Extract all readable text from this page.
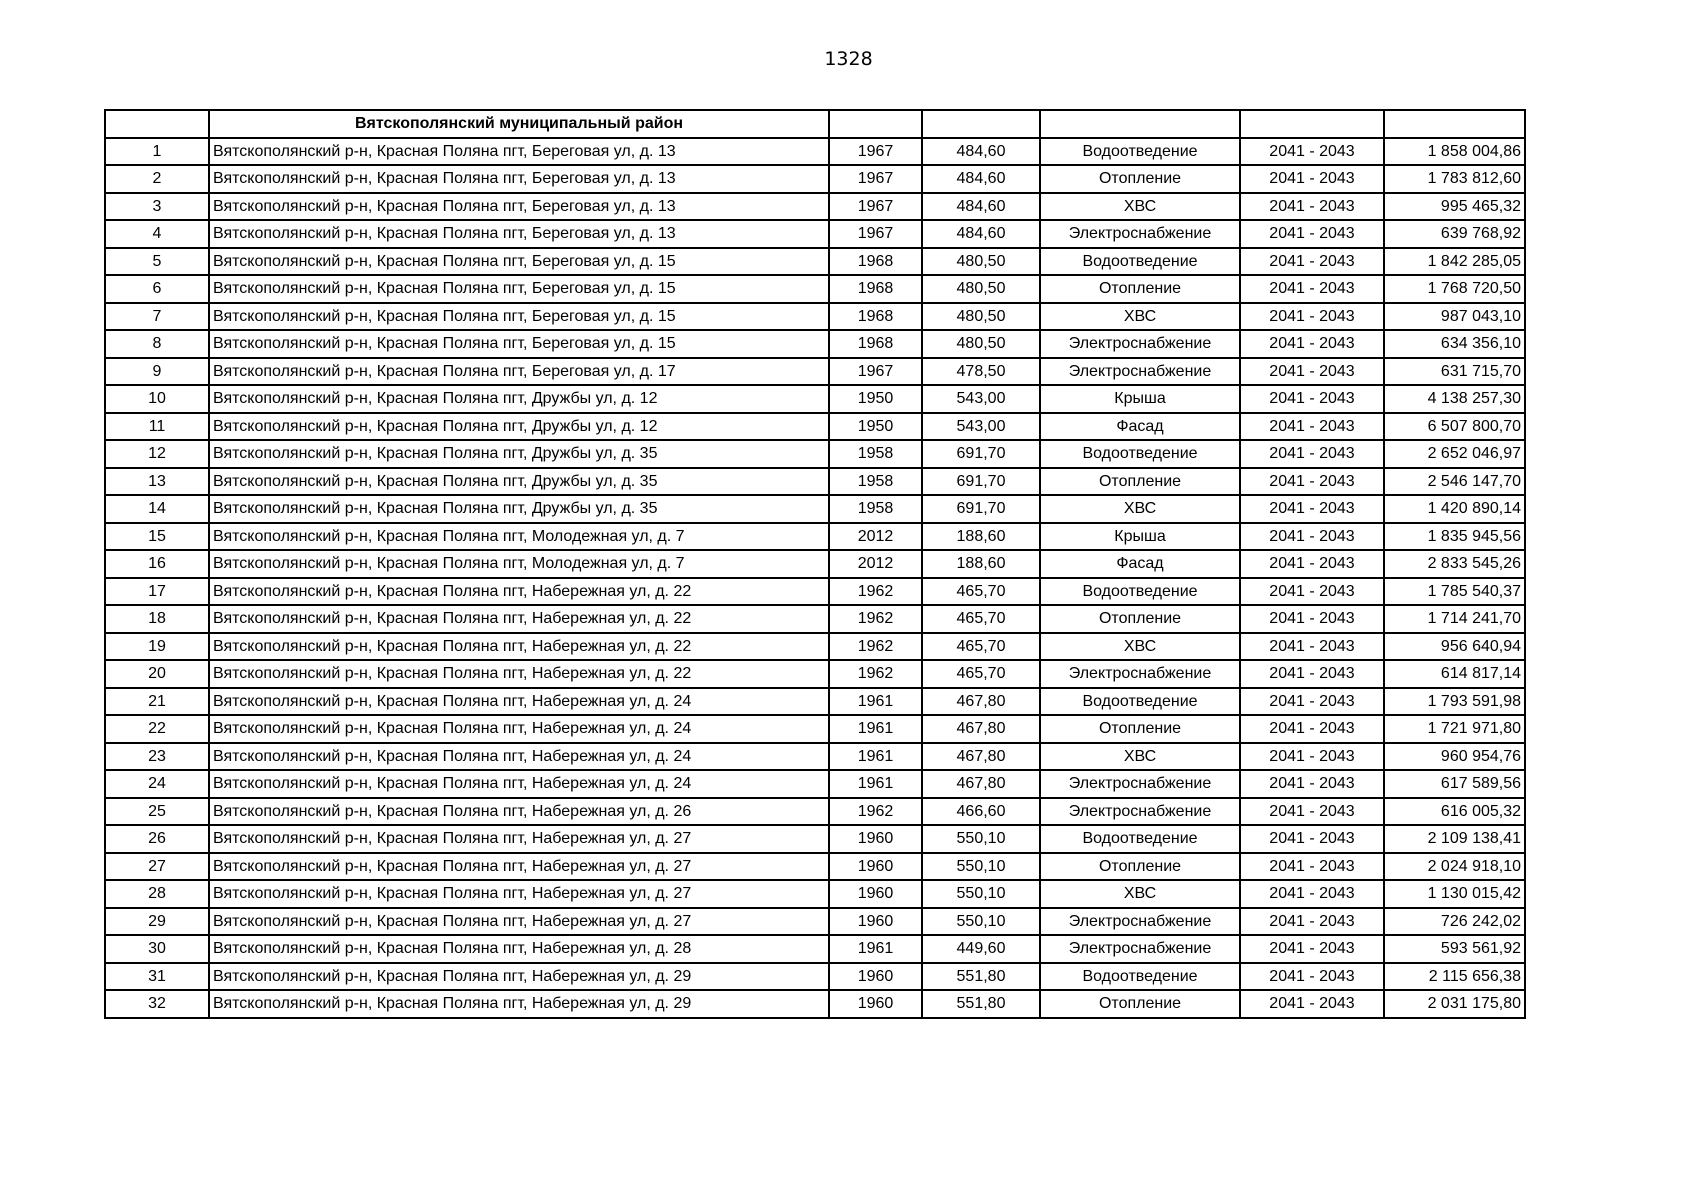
1328
	Вятскополянский муниципальный район					
1	Вятскополянский р-н, Красная Поляна пгт, Береговая ул, д. 13	1967	484,60	Водоотведение	2041 - 2043	1 858 004,86
2	Вятскополянский р-н, Красная Поляна пгт, Береговая ул, д. 13	1967	484,60	Отопление	2041 - 2043	1 783 812,60
3	Вятскополянский р-н, Красная Поляна пгт, Береговая ул, д. 13	1967	484,60	ХВС	2041 - 2043	995 465,32
4	Вятскополянский р-н, Красная Поляна пгт, Береговая ул, д. 13	1967	484,60	Электроснабжение	2041 - 2043	639 768,92
5	Вятскополянский р-н, Красная Поляна пгт, Береговая ул, д. 15	1968	480,50	Водоотведение	2041 - 2043	1 842 285,05
6	Вятскополянский р-н, Красная Поляна пгт, Береговая ул, д. 15	1968	480,50	Отопление	2041 - 2043	1 768 720,50
7	Вятскополянский р-н, Красная Поляна пгт, Береговая ул, д. 15	1968	480,50	ХВС	2041 - 2043	987 043,10
8	Вятскополянский р-н, Красная Поляна пгт, Береговая ул, д. 15	1968	480,50	Электроснабжение	2041 - 2043	634 356,10
9	Вятскополянский р-н, Красная Поляна пгт, Береговая ул, д. 17	1967	478,50	Электроснабжение	2041 - 2043	631 715,70
10	Вятскополянский р-н, Красная Поляна пгт, Дружбы ул, д. 12	1950	543,00	Крыша	2041 - 2043	4 138 257,30
11	Вятскополянский р-н, Красная Поляна пгт, Дружбы ул, д. 12	1950	543,00	Фасад	2041 - 2043	6 507 800,70
12	Вятскополянский р-н, Красная Поляна пгт, Дружбы ул, д. 35	1958	691,70	Водоотведение	2041 - 2043	2 652 046,97
13	Вятскополянский р-н, Красная Поляна пгт, Дружбы ул, д. 35	1958	691,70	Отопление	2041 - 2043	2 546 147,70
14	Вятскополянский р-н, Красная Поляна пгт, Дружбы ул, д. 35	1958	691,70	ХВС	2041 - 2043	1 420 890,14
15	Вятскополянский р-н, Красная Поляна пгт, Молодежная ул, д. 7	2012	188,60	Крыша	2041 - 2043	1 835 945,56
16	Вятскополянский р-н, Красная Поляна пгт, Молодежная ул, д. 7	2012	188,60	Фасад	2041 - 2043	2 833 545,26
17	Вятскополянский р-н, Красная Поляна пгт, Набережная ул, д. 22	1962	465,70	Водоотведение	2041 - 2043	1 785 540,37
18	Вятскополянский р-н, Красная Поляна пгт, Набережная ул, д. 22	1962	465,70	Отопление	2041 - 2043	1 714 241,70
19	Вятскополянский р-н, Красная Поляна пгт, Набережная ул, д. 22	1962	465,70	ХВС	2041 - 2043	956 640,94
20	Вятскополянский р-н, Красная Поляна пгт, Набережная ул, д. 22	1962	465,70	Электроснабжение	2041 - 2043	614 817,14
21	Вятскополянский р-н, Красная Поляна пгт, Набережная ул, д. 24	1961	467,80	Водоотведение	2041 - 2043	1 793 591,98
22	Вятскополянский р-н, Красная Поляна пгт, Набережная ул, д. 24	1961	467,80	Отопление	2041 - 2043	1 721 971,80
23	Вятскополянский р-н, Красная Поляна пгт, Набережная ул, д. 24	1961	467,80	ХВС	2041 - 2043	960 954,76
24	Вятскополянский р-н, Красная Поляна пгт, Набережная ул, д. 24	1961	467,80	Электроснабжение	2041 - 2043	617 589,56
25	Вятскополянский р-н, Красная Поляна пгт, Набережная ул, д. 26	1962	466,60	Электроснабжение	2041 - 2043	616 005,32
26	Вятскополянский р-н, Красная Поляна пгт, Набережная ул, д. 27	1960	550,10	Водоотведение	2041 - 2043	2 109 138,41
27	Вятскополянский р-н, Красная Поляна пгт, Набережная ул, д. 27	1960	550,10	Отопление	2041 - 2043	2 024 918,10
28	Вятскополянский р-н, Красная Поляна пгт, Набережная ул, д. 27	1960	550,10	ХВС	2041 - 2043	1 130 015,42
29	Вятскополянский р-н, Красная Поляна пгт, Набережная ул, д. 27	1960	550,10	Электроснабжение	2041 - 2043	726 242,02
30	Вятскополянский р-н, Красная Поляна пгт, Набережная ул, д. 28	1961	449,60	Электроснабжение	2041 - 2043	593 561,92
31	Вятскополянский р-н, Красная Поляна пгт, Набережная ул, д. 29	1960	551,80	Водоотведение	2041 - 2043	2 115 656,38
32	Вятскополянский р-н, Красная Поляна пгт, Набережная ул, д. 29	1960	551,80	Отопление	2041 - 2043	2 031 175,80
